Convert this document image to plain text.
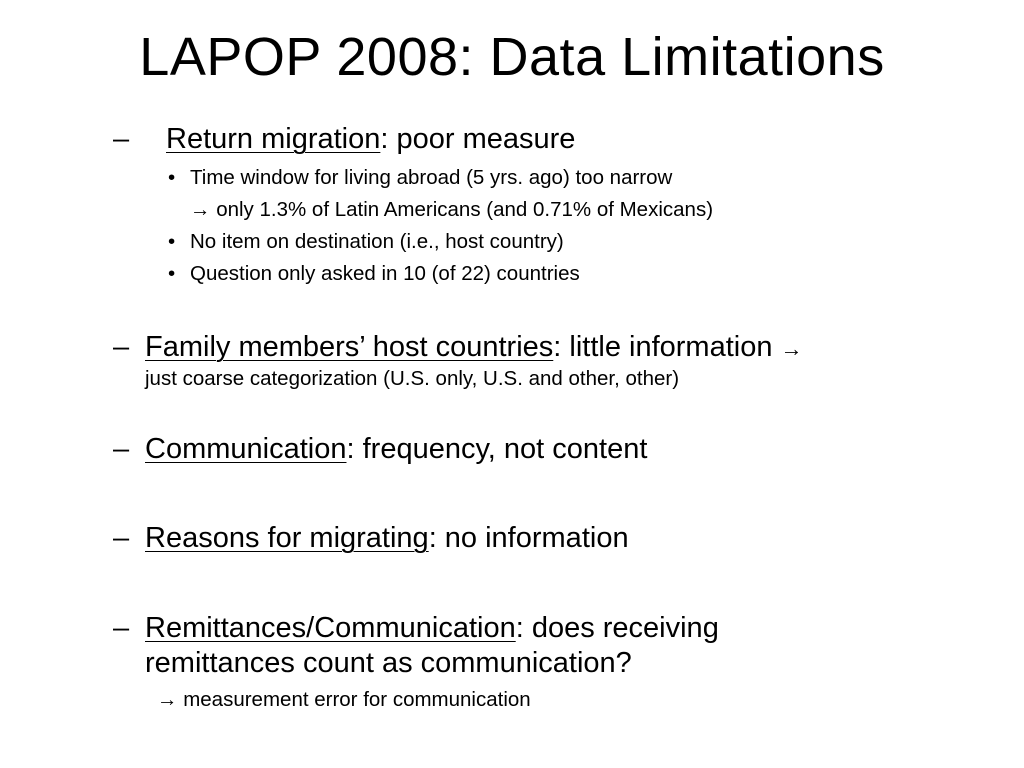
LAPOP 2008: Data Limitations
– Return migration: poor measure
• Time window for living abroad (5 yrs. ago) too narrow
→ only 1.3% of Latin Americans (and 0.71% of Mexicans)
• No item on destination (i.e., host country)
• Question only asked in 10 (of 22) countries
– Family members’ host countries: little information →
just coarse categorization (U.S. only, U.S. and other, other)
– Communication: frequency, not content
– Reasons for migrating: no information
– Remittances/Communication: does receiving
remittances count as communication?
→ measurement error for communication
